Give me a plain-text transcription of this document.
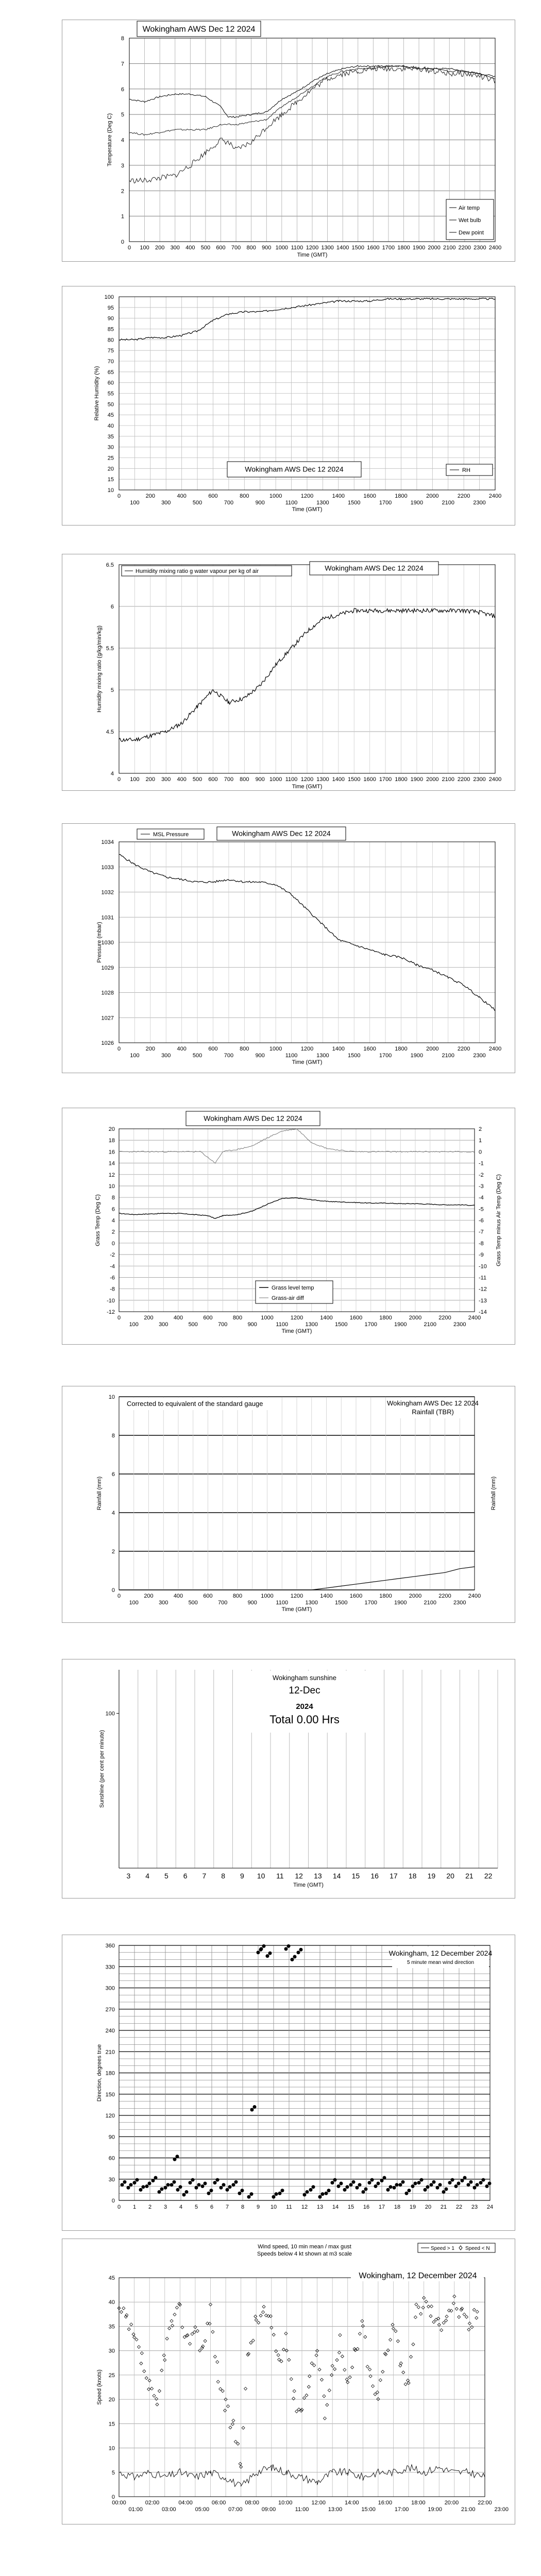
0
1
2
3
4
5
6
7
8
0 100 200 300 400 500 600 700 800 900 1000 1100 1200 1300 1400 1500 1600 1700 1800 1900 2000 2100 2200 2300 2400
Time (GMT)
Temperature (Deg C)
Wokingham AWS Dec 12 2024
Air temp
Wet bulb
Dew point
10
15
20
25
30
35
40
45
50
55
60
65
70
75
80
85
90
95
100
0	200	400	600	800	1000	1200	1400	1600	1800	2000	2200	2400
100	300	500	700	900	1100	1300	1500	1700	1900	2100	2300
Time (GMT)
Relative Humidity (%)
Wokingham AWS Dec 12 2024	RH
4
4.5
5
5.5
6
6.5
0 100 200 300 400 500 600 700 800 900 1000 1100 1200 1300 1400 1500 1600 1700 1800 1900 2000 2100 2200 2300 2400
Time (GMT)
Humidity mixing ratio (g/kg/min/kg)
Humidity mixing ratio g water vapour per kg of air	Wokingham AWS Dec 12 2024
1026
1027
1028
1029
1030
1031
1032
1033
1034
0	200	400	600	800	1000	1200	1400	1600	1800	2000	2200	2400
100	300	500	700	900	1100	1300	1500	1700	1900	2100	2300
Time (GMT)
Pressure (mbar)
MSL Pressure	Wokingham AWS Dec 12 2024
-12
-10
-8
-6
-4
-2
0
2
4
6
8
10
12
14
16
18
20
-14
-13
-12
-11
-10
-9
-8
-7
-6
-5
-4
-3
-2
-1
0
1
2
0	200	400	600	800	1000	1200	1400	1600	1800	2000	2200	2400
100	300	500	700	900	1100	1300	1500	1700	1900	2100	2300
Time (GMT)
Grass Temp (Deg C)	Grass Temp minus Air Temp (Deg C)
Wokingham AWS Dec 12 2024
Grass level temp
Grass-air diff
0
2
4
6
8
10
0	200	400	600	800	1000	1200	1400	1600	1800	2000	2200	2400
100	300	500	700	900	1100	1300	1500	1700	1900	2100	2300
Time (GMT)
Rainfall (mm)	Rainfall (mm)
Corrected to equivalent of the standard gauge	Wokingham AWS Dec 12 2024
Rainfall (TBR)
100
3 4 5 6 7 8 9 10 11 12 13 14 15 16 17 18 19 20 21 22
Time (GMT)
Sunshine (per cent per minute)
Wokingham sunshine
12-Dec
2024
Total 0.00 Hrs
0
30
60
90
120
150
180
210
240
270
300
330
360
0 1 2 3 4 5 6 7 8 9 10 11 12 13 14 15 16 17 18 19 20 21 22 23 24
Direction, degrees true
Wokingham, 12 December 2024
5 minute mean wind direction
0
5
10
15
20
25
30
35
40
45
00:00	02:00	04:00	06:00	08:00	10:00	12:00	14:00	16:00	18:00	20:00	22:00
01:00	03:00	05:00	07:00	09:00	11:00	13:00	15:00	17:00	19:00	21:00	23:00
Speed (knots)
Wind speed, 10 min mean / max gust
Speeds below 4 kt shown at m3 scale
Speed > 1 Speed < N
Wokingham, 12 December 2024
